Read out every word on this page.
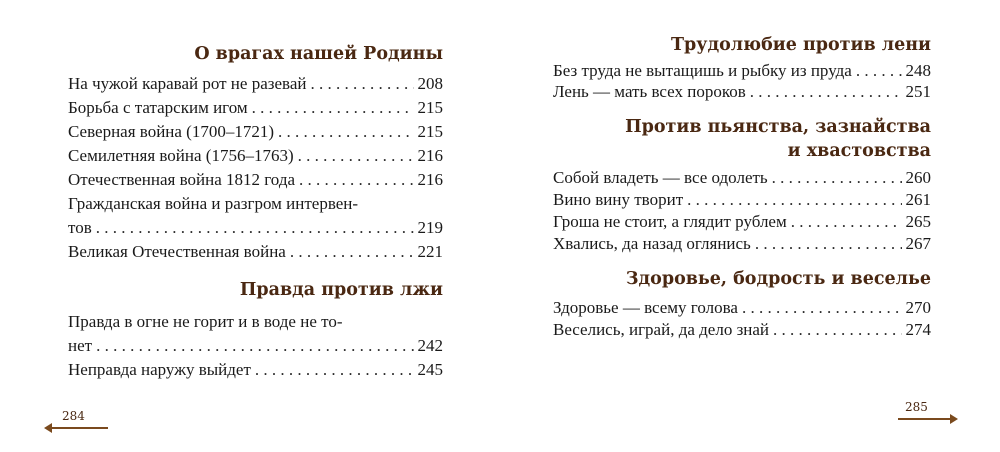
О врагах нашей Родины
На чужой каравай рот не разевай . . .	208
Борьба с татарским игом . . .	215
Северная война (1700–1721) . . .	215
Семилетняя война (1756–1763) . . .	216
Отечественная война 1812 года . . .	216
Гражданская война и разгром интервен-
тов . . .	219
Великая Отечественная война . . .	221
Правда против лжи
Правда в огне не горит и в воде не то-
нет . . .	242
Неправда наружу выйдет . . .	245
284
Трудолюбие против лени
Без труда не вытащишь и рыбку из пруда . . .	248
Лень — мать всех пороков . . .	251
Против пьянства, зазнайства
и хвастовства
Собой владеть — все одолеть . . .	260
Вино вину творит . . .	261
Гроша не стоит, а глядит рублем . . .	265
Хвались, да назад оглянись . . .	267
Здоровье, бодрость и веселье
Здоровье — всему голова . . .	270
Веселись, играй, да дело знай . . .	274
285
